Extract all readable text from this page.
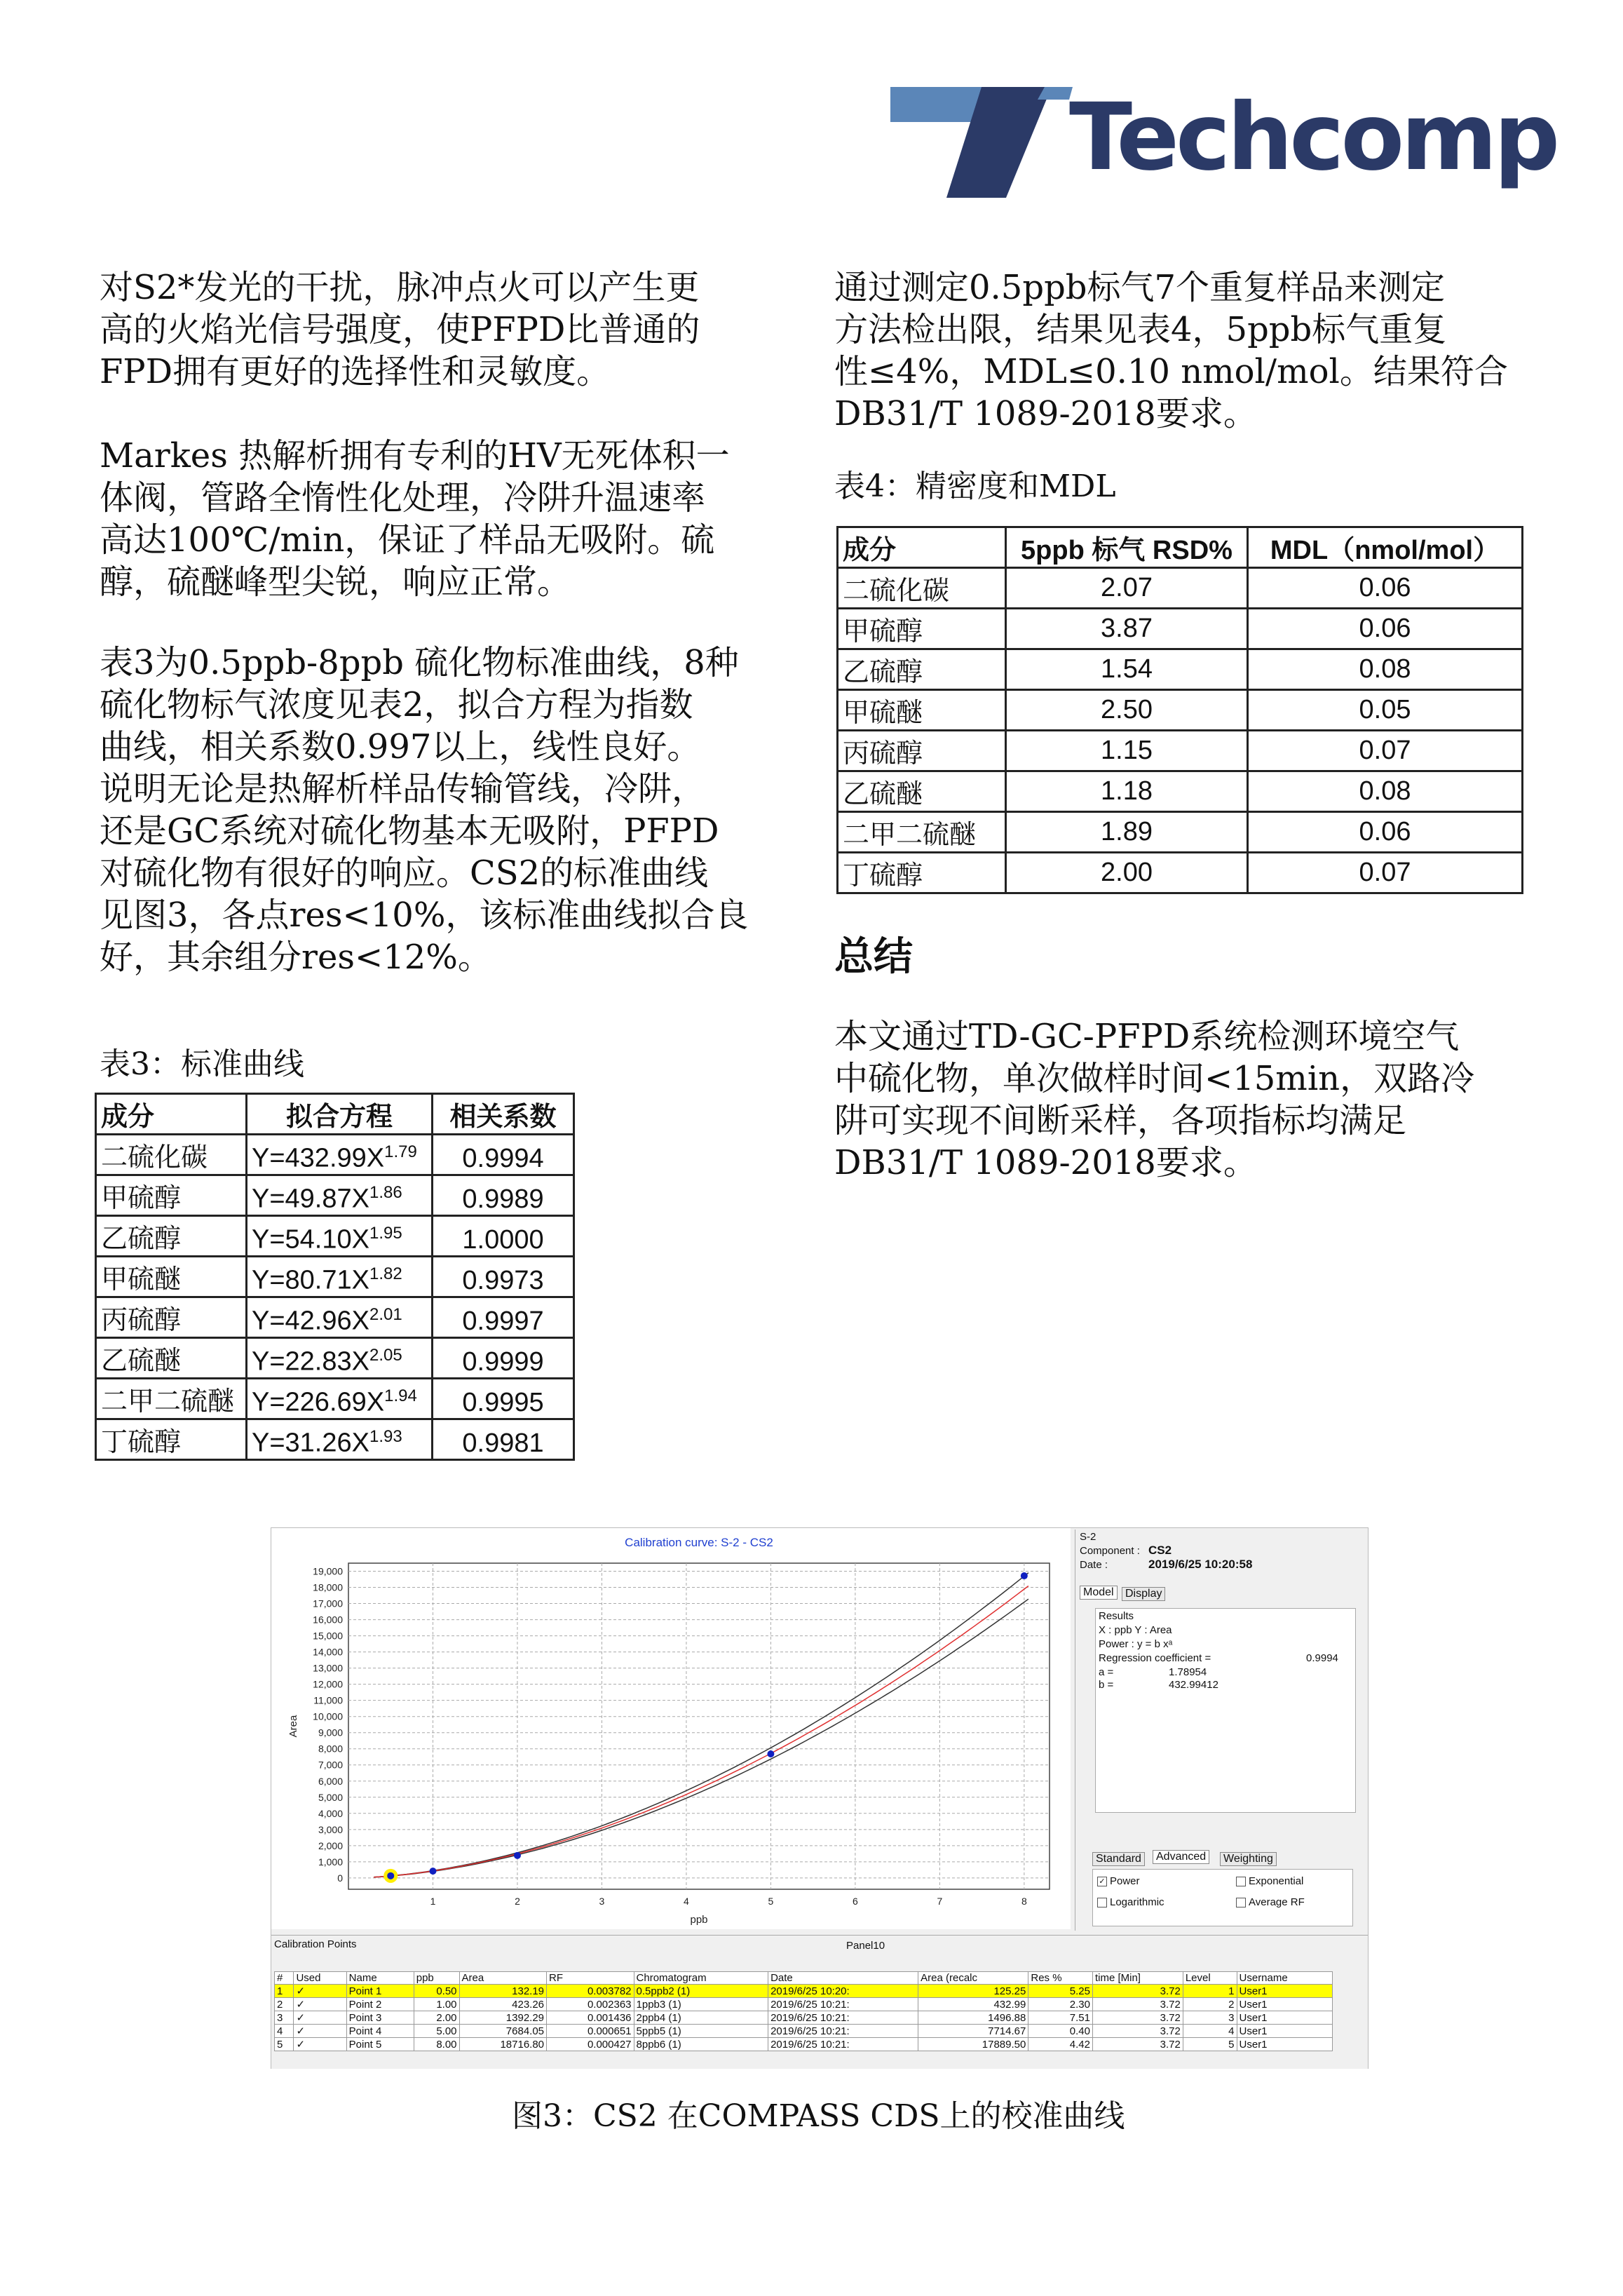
Techcomp

对S2*发光的干扰，脉冲点火可以产生更
高的火焰光信号强度，使PFPD比普通的
FPD拥有更好的选择性和灵敏度。

Markes 热解析拥有专利的HV无死体积一
体阀，管路全惰性化处理，冷阱升温速率
高达100℃/min，保证了样品无吸附。硫
醇，硫醚峰型尖锐，响应正常。

表3为0.5ppb-8ppb 硫化物标准曲线，8种
硫化物标气浓度见表2，拟合方程为指数
曲线，相关系数0.997以上，线性良好。
说明无论是热解析样品传输管线，冷阱，
还是GC系统对硫化物基本无吸附，PFPD
对硫化物有很好的响应。CS2的标准曲线
见图3，各点res<10%，该标准曲线拟合良
好，其余组分res<12%。

表3：标准曲线
成分	拟合方程	相关系数
二硫化碳	$Y=432.99X^{1.79}$	0.9994
甲硫醇	$Y=49.87X^{1.86}$	0.9989
乙硫醇	$Y=54.10X^{1.95}$	1.0000
甲硫醚	$Y=80.71X^{1.82}$	0.9973
丙硫醇	$Y=42.96X^{2.01}$	0.9997
乙硫醚	$Y=22.83X^{2.05}$	0.9999
二甲二硫醚	$Y=226.69X^{1.94}$	0.9995
丁硫醇	$Y=31.26X^{1.93}$	0.9981

通过测定0.5ppb标气7个重复样品来测定
方法检出限，结果见表4，5ppb标气重复
性≤4%，MDL≤0.10 nmol/mol。结果符合
DB31/T 1089-2018要求。

表4：精密度和MDL
成分	5ppb 标气 RSD%	MDL（nmol/mol）
二硫化碳	2.07	0.06
甲硫醇	3.87	0.06
乙硫醇	1.54	0.08
甲硫醚	2.50	0.05
丙硫醇	1.15	0.07
乙硫醚	1.18	0.08
二甲二硫醚	1.89	0.06
丁硫醇	2.00	0.07
总结

本文通过TD-GC-PFPD系统检测环境空气
中硫化物，单次做样时间<15min，双路冷
阱可实现不间断采样，各项指标均满足
DB31/T 1089-2018要求。

Calibration curve: S-2 - CS2
0
1,000
2,000
3,000
4,000
5,000
6,000
7,000
8,000
9,000
10,000
11,000
12,000
13,000
14,000
15,000
16,000
17,000
18,000
19,000
1	2	3	4	5	6	7	8
ppb
Area
S-2
Component : CS2
Date :	2019/6/25 10:20:58
Model	Display
Results
X : ppb Y : Area
Power : y = b xᵃ
Regression coefficient =	0.9994
a =	1.78954
b =	432.99412
Standard	Advanced	Weighting
✓ Power	Exponential
Logarithmic	Average RF
Calibration Points	Panel10
#	Used	Name	ppb	Area	RF	Chromatogram	Date	Area (recalc	Res %	time [Min]	Level	Username
1	✓	Point 1	0.50	132.19	0.003782	0.5ppb2 (1)	2019/6/25 10:20:	125.25	5.25	3.72	1	User1
2	✓	Point 2	1.00	423.26	0.002363	1ppb3 (1)	2019/6/25 10:21:	432.99	2.30	3.72	2	User1
3	✓	Point 3	2.00	1392.29	0.001436	2ppb4 (1)	2019/6/25 10:21:	1496.88	7.51	3.72	3	User1
4	✓	Point 4	5.00	7684.05	0.000651	5ppb5 (1)	2019/6/25 10:21:	7714.67	0.40	3.72	4	User1
5	✓	Point 5	8.00	18716.80	0.000427	8ppb6 (1)	2019/6/25 10:21:	17889.50	4.42	3.72	5	User1
图3：CS2 在COMPASS CDS上的校准曲线
